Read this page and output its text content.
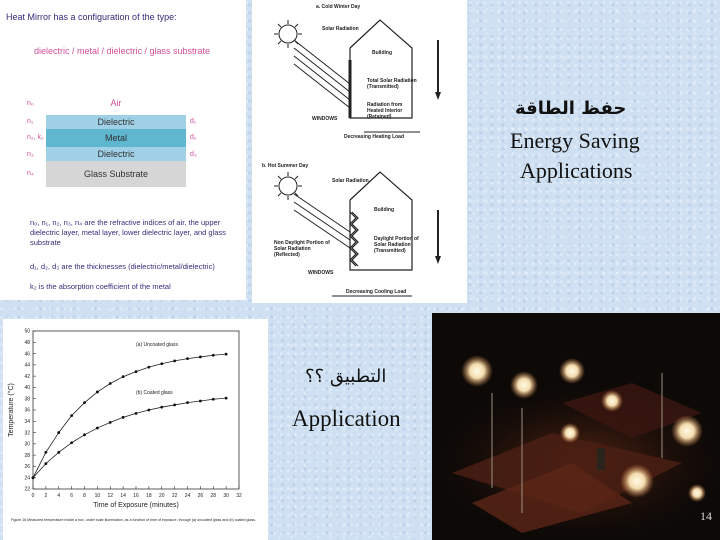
حفظ الطاقة
Energy Saving
Applications
التطبيق ؟؟
Application
Heat Mirror has a configuration of the type:
dielectric / metal / dielectric / glass substrate
Air
Dielectric
Metal
Dielectric
Glass Substrate
n₀
n₁
n₂, k₂
n₃
n₄
d₁
d₂
d₃
n₀, n₁, n₂, n₃, n₄ are the refractive indices of air, the upper dielectric layer, metal layer, lower dielectric layer, and glass substrate
d₁, d₂, d₃ are the thicknesses (dielectric/metal/dielectric)
k₂ is the absorption coefficient of the metal
a. Cold Winter Day
Solar Radiation
Building
Total Solar Radiation (Transmitted)
Radiation from Heated Interior (Retained)
WINDOWS
Decreasing Heating Load
b. Hot Summer Day
Solar Radiation
Building
Non Daylight Portion of Solar Radiation (Reflected)
Daylight Portion of Solar Radiation (Transmitted)
WINDOWS
Decreasing Cooling Load
0 2 4 6 8 10 12 14 16 18 20 22 24 26 28 30 32
22
24
26
28
30
32
34
36
38
40
42
44
46
48
50
Time of Exposure (minutes)
Temperature (°C)
(a) Uncoated glass
(b) Coated glass
Figure 16 Measured temperature inside a box, under solar illumination, as a function of time of exposure, through (a) uncoated glass and (b) coated glass.	14
